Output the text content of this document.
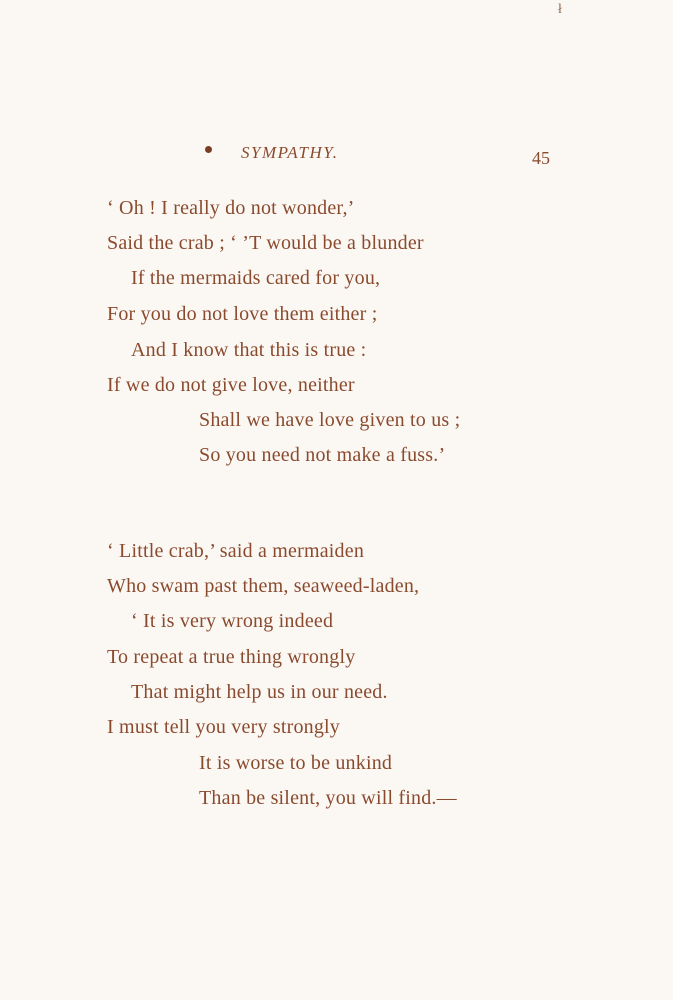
ł
SYMPATHY.	45
‘ Oh ! I really do not wonder,’
Said the crab ; ‘ ’T would be a blunder
If the mermaids cared for you,
For you do not love them either ;
And I know that this is true :
If we do not give love, neither
Shall we have love given to us ;
So you need not make a fuss.’
‘ Little crab,’ said a mermaiden
Who swam past them, seaweed-laden,
‘ It is very wrong indeed
To repeat a true thing wrongly
That might help us in our need.
I must tell you very strongly
It is worse to be unkind
Than be silent, you will find.—
